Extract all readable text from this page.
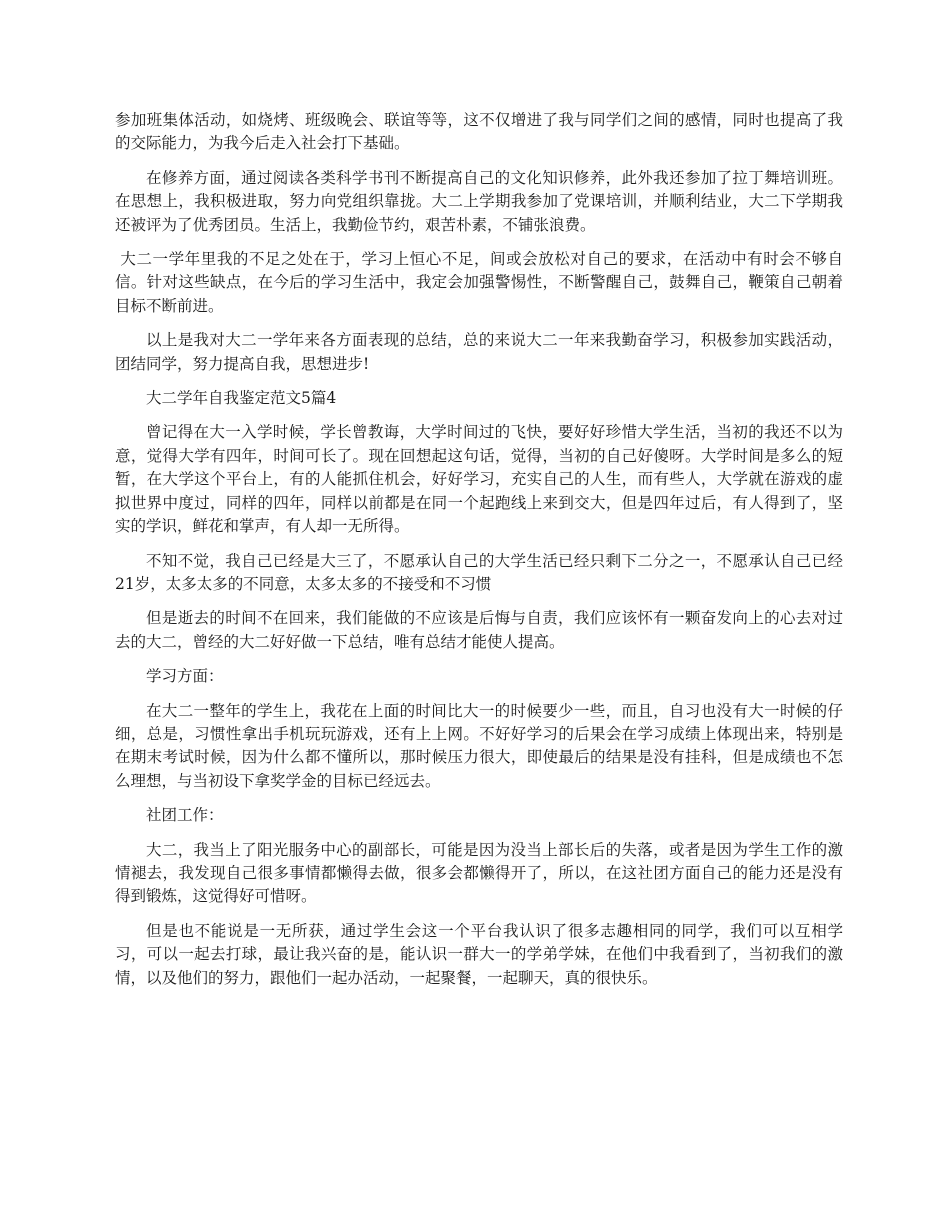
参加班集体活动，如烧烤、班级晚会、联谊等等，这不仅增进了我与同学们之间的感情，同时也提高了我的交际能力，为我今后走入社会打下基础。

在修养方面，通过阅读各类科学书刊不断提高自己的文化知识修养，此外我还参加了拉丁舞培训班。在思想上，我积极进取，努力向党组织靠拢。大二上学期我参加了党课培训，并顺利结业，大二下学期我还被评为了优秀团员。生活上，我勤俭节约，艰苦朴素，不铺张浪费。

大二一学年里我的不足之处在于，学习上恒心不足，间或会放松对自己的要求，在活动中有时会不够自信。针对这些缺点，在今后的学习生活中，我定会加强警惕性，不断警醒自己，鼓舞自己，鞭策自己朝着目标不断前进。

以上是我对大二一学年来各方面表现的总结，总的来说大二一年来我勤奋学习，积极参加实践活动，团结同学，努力提高自我，思想进步!

大二学年自我鉴定范文5篇4

曾记得在大一入学时候，学长曾教诲，大学时间过的飞快，要好好珍惜大学生活，当初的我还不以为意，觉得大学有四年，时间可长了。现在回想起这句话，觉得，当初的自己好傻呀。大学时间是多么的短暂，在大学这个平台上，有的人能抓住机会，好好学习，充实自己的人生，而有些人，大学就在游戏的虚拟世界中度过，同样的四年，同样以前都是在同一个起跑线上来到交大，但是四年过后，有人得到了，坚实的学识，鲜花和掌声，有人却一无所得。

不知不觉，我自己已经是大三了，不愿承认自己的大学生活已经只剩下二分之一，不愿承认自己已经21岁，太多太多的不同意，太多太多的不接受和不习惯

但是逝去的时间不在回来，我们能做的不应该是后悔与自责，我们应该怀有一颗奋发向上的心去对过去的大二，曾经的大二好好做一下总结，唯有总结才能使人提高。

学习方面：

在大二一整年的学生上，我花在上面的时间比大一的时候要少一些，而且，自习也没有大一时候的仔细，总是，习惯性拿出手机玩玩游戏，还有上上网。不好好学习的后果会在学习成绩上体现出来，特别是在期末考试时候，因为什么都不懂所以，那时候压力很大，即使最后的结果是没有挂科，但是成绩也不怎么理想，与当初设下拿奖学金的目标已经远去。

社团工作：

大二，我当上了阳光服务中心的副部长，可能是因为没当上部长后的失落，或者是因为学生工作的激情褪去，我发现自己很多事情都懒得去做，很多会都懒得开了，所以，在这社团方面自己的能力还是没有得到锻炼，这觉得好可惜呀。

但是也不能说是一无所获，通过学生会这一个平台我认识了很多志趣相同的同学，我们可以互相学习，可以一起去打球，最让我兴奋的是，能认识一群大一的学弟学妹，在他们中我看到了，当初我们的激情，以及他们的努力，跟他们一起办活动，一起聚餐，一起聊天，真的很快乐。
